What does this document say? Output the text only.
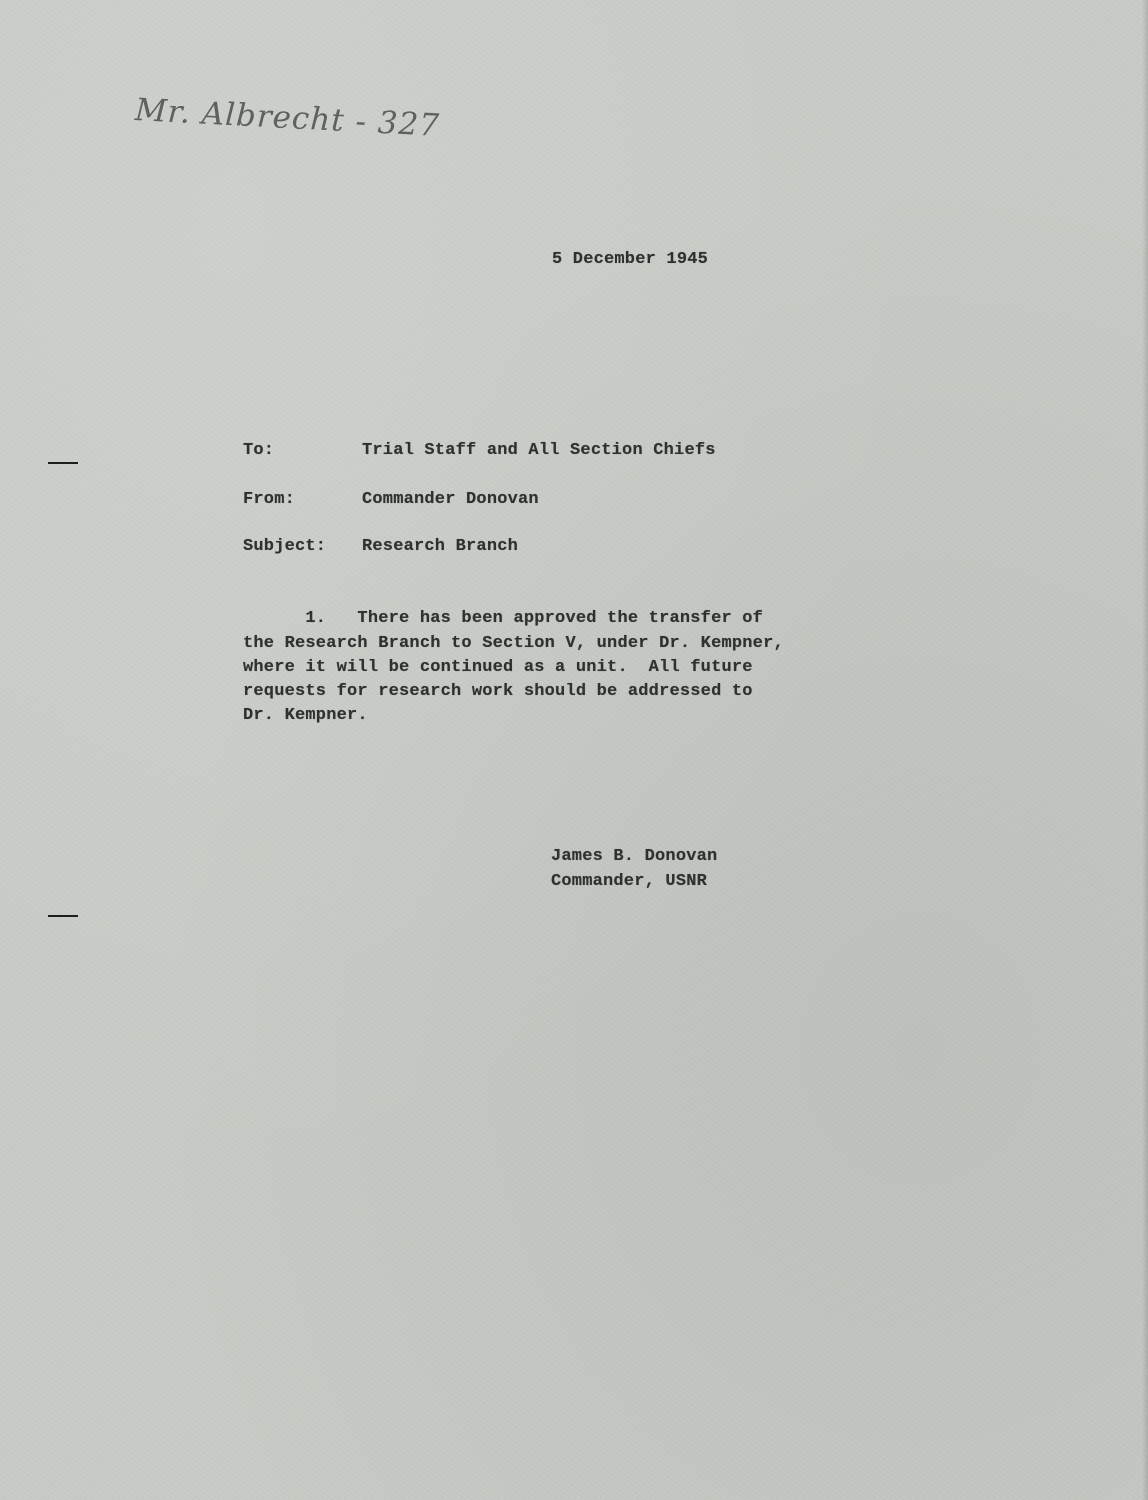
Mr. Albrecht - 327
5 December 1945
To:	Trial Staff and All Section Chiefs
From:	Commander Donovan
Subject: Research Branch
1.   There has been approved the transfer of
the Research Branch to Section V, under Dr. Kempner,
where it will be continued as a unit.  All future
requests for research work should be addressed to
Dr. Kempner.
James B. Donovan
Commander, USNR
